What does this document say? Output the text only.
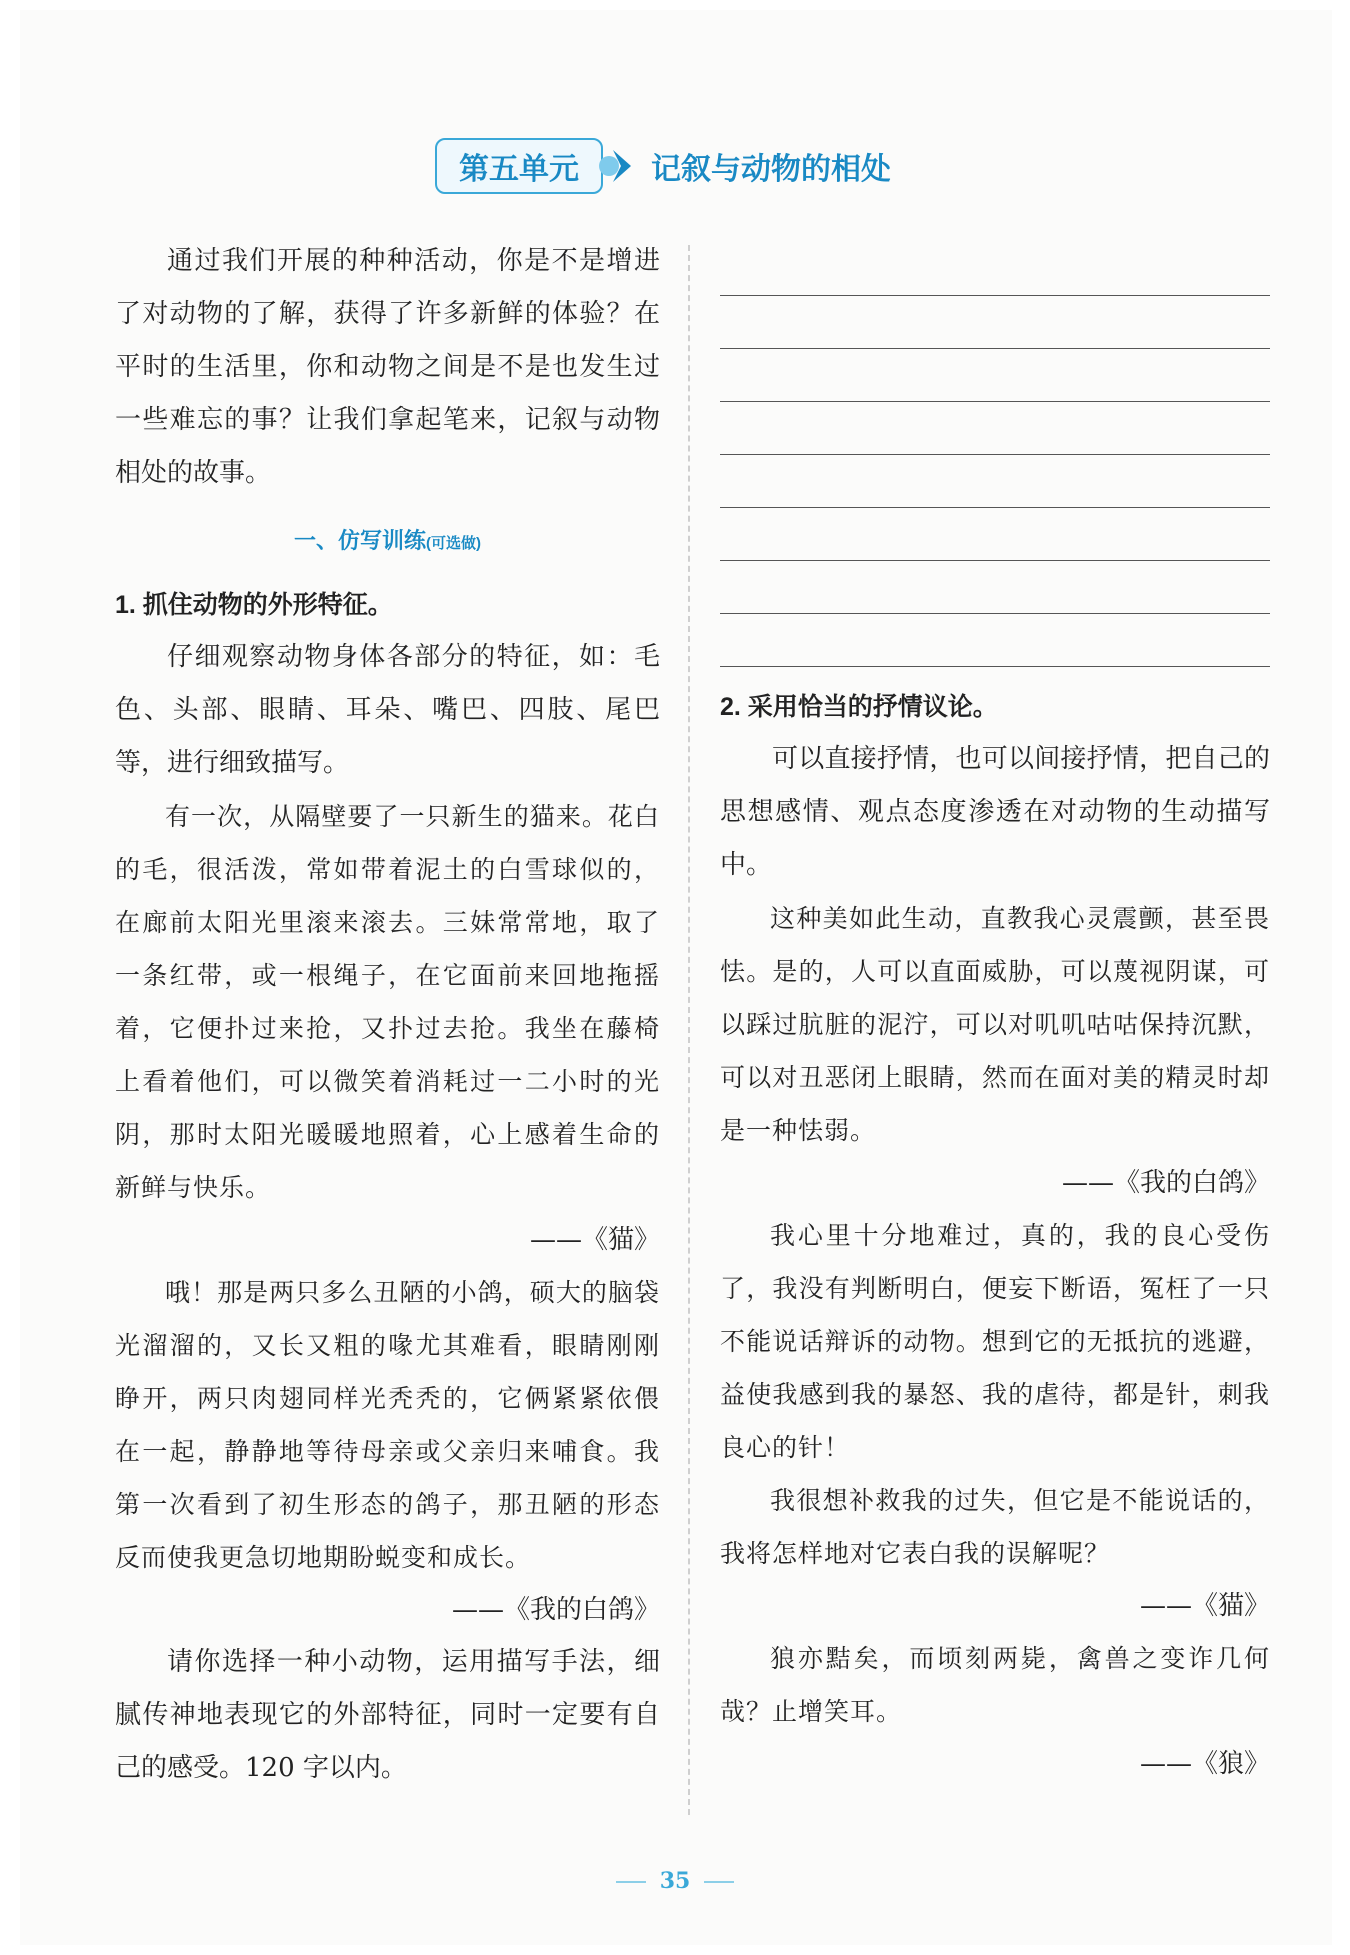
第五单元	记叙与动物的相处

通过我们开展的种种活动，你是不是增进了对动物的了解，获得了许多新鲜的体验？在平时的生活里，你和动物之间是不是也发生过一些难忘的事？让我们拿起笔来，记叙与动物相处的故事。

一、仿写训练(可选做)

1. 抓住动物的外形特征。

仔细观察动物身体各部分的特征，如：毛色、头部、眼睛、耳朵、嘴巴、四肢、尾巴等，进行细致描写。

有一次，从隔壁要了一只新生的猫来。花白的毛，很活泼，常如带着泥土的白雪球似的，在廊前太阳光里滚来滚去。三妹常常地，取了一条红带，或一根绳子，在它面前来回地拖摇着，它便扑过来抢，又扑过去抢。我坐在藤椅上看着他们，可以微笑着消耗过一二小时的光阴，那时太阳光暖暖地照着，心上感着生命的新鲜与快乐。

——《猫》

哦！那是两只多么丑陋的小鸽，硕大的脑袋光溜溜的，又长又粗的喙尤其难看，眼睛刚刚睁开，两只肉翅同样光秃秃的，它俩紧紧依偎在一起，静静地等待母亲或父亲归来哺食。我第一次看到了初生形态的鸽子，那丑陋的形态反而使我更急切地期盼蜕变和成长。

——《我的白鸽》

请你选择一种小动物，运用描写手法，细腻传神地表现它的外部特征，同时一定要有自己的感受。120 字以内。

2. 采用恰当的抒情议论。

可以直接抒情，也可以间接抒情，把自己的思想感情、观点态度渗透在对动物的生动描写中。

这种美如此生动，直教我心灵震颤，甚至畏怯。是的，人可以直面威胁，可以蔑视阴谋，可以踩过肮脏的泥泞，可以对叽叽咕咕保持沉默，可以对丑恶闭上眼睛，然而在面对美的精灵时却是一种怯弱。

——《我的白鸽》

我心里十分地难过，真的，我的良心受伤了，我没有判断明白，便妄下断语，冤枉了一只不能说话辩诉的动物。想到它的无抵抗的逃避，益使我感到我的暴怒、我的虐待，都是针，刺我良心的针！

我很想补救我的过失，但它是不能说话的，我将怎样地对它表白我的误解呢？

——《猫》

狼亦黠矣，而顷刻两毙，禽兽之变诈几何哉？止增笑耳。

——《狼》

35
